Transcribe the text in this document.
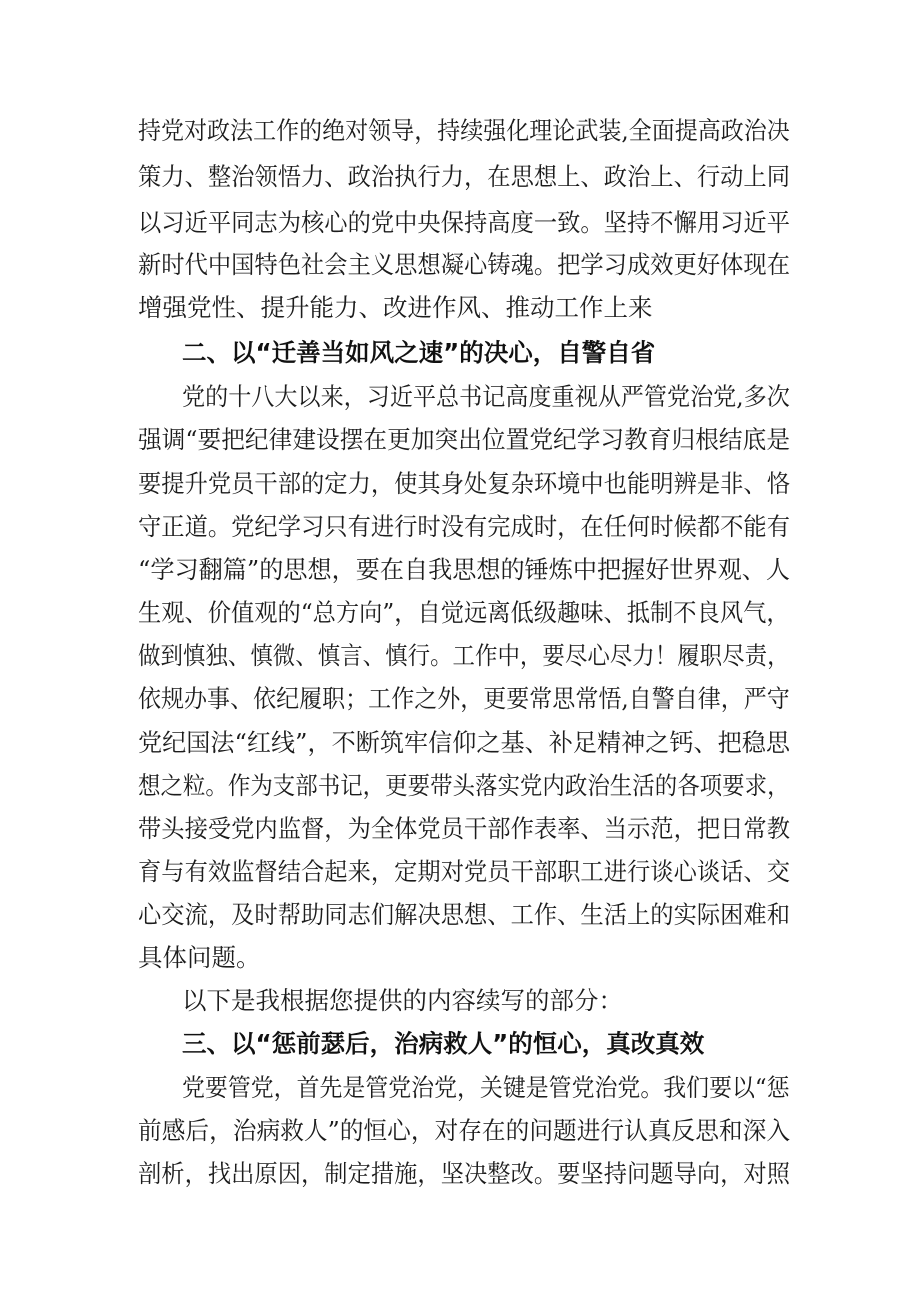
持党对政法工作的绝对领导，持续强化理论武装,全面提高政治决
策力、整治领悟力、政治执行力，在思想上、政治上、行动上同
以习近平同志为核心的党中央保持高度一致。坚持不懈用习近平
新时代中国特色社会主义思想凝心铸魂。把学习成效更好体现在
增强党性、提升能力、改进作风、推动工作上来
二、以“迁善当如风之速”的决心，自警自省
党的十八大以来，习近平总书记高度重视从严管党治党,多次
强调“要把纪律建设摆在更加突出位置党纪学习教育归根结底是
要提升党员干部的定力，使其身处复杂环境中也能明辨是非、恪
守正道。党纪学习只有进行时没有完成时，在任何时候都不能有
“学习翻篇”的思想，要在自我思想的锤炼中把握好世界观、人
生观、价值观的“总方向”，自觉远离低级趣味、抵制不良风气，
做到慎独、慎微、慎言、慎行。工作中，要尽心尽力！履职尽责，
依规办事、依纪履职；工作之外，更要常思常悟,自警自律，严守
党纪国法“红线”，不断筑牢信仰之基、补足精神之钙、把稳思
想之粒。作为支部书记，更要带头落实党内政治生活的各项要求，
带头接受党内监督，为全体党员干部作表率、当示范，把日常教
育与有效监督结合起来，定期对党员干部职工进行谈心谈话、交
心交流，及时帮助同志们解决思想、工作、生活上的实际困难和
具体问题。
以下是我根据您提供的内容续写的部分：
三、以“惩前瑟后，治病救人”的恒心，真改真效
党要管党，首先是管党治党，关键是管党治党。我们要以“惩
前感后，治病救人”的恒心，对存在的问题进行认真反思和深入
剖析，找出原因，制定措施，坚决整改。要坚持问题导向，对照
